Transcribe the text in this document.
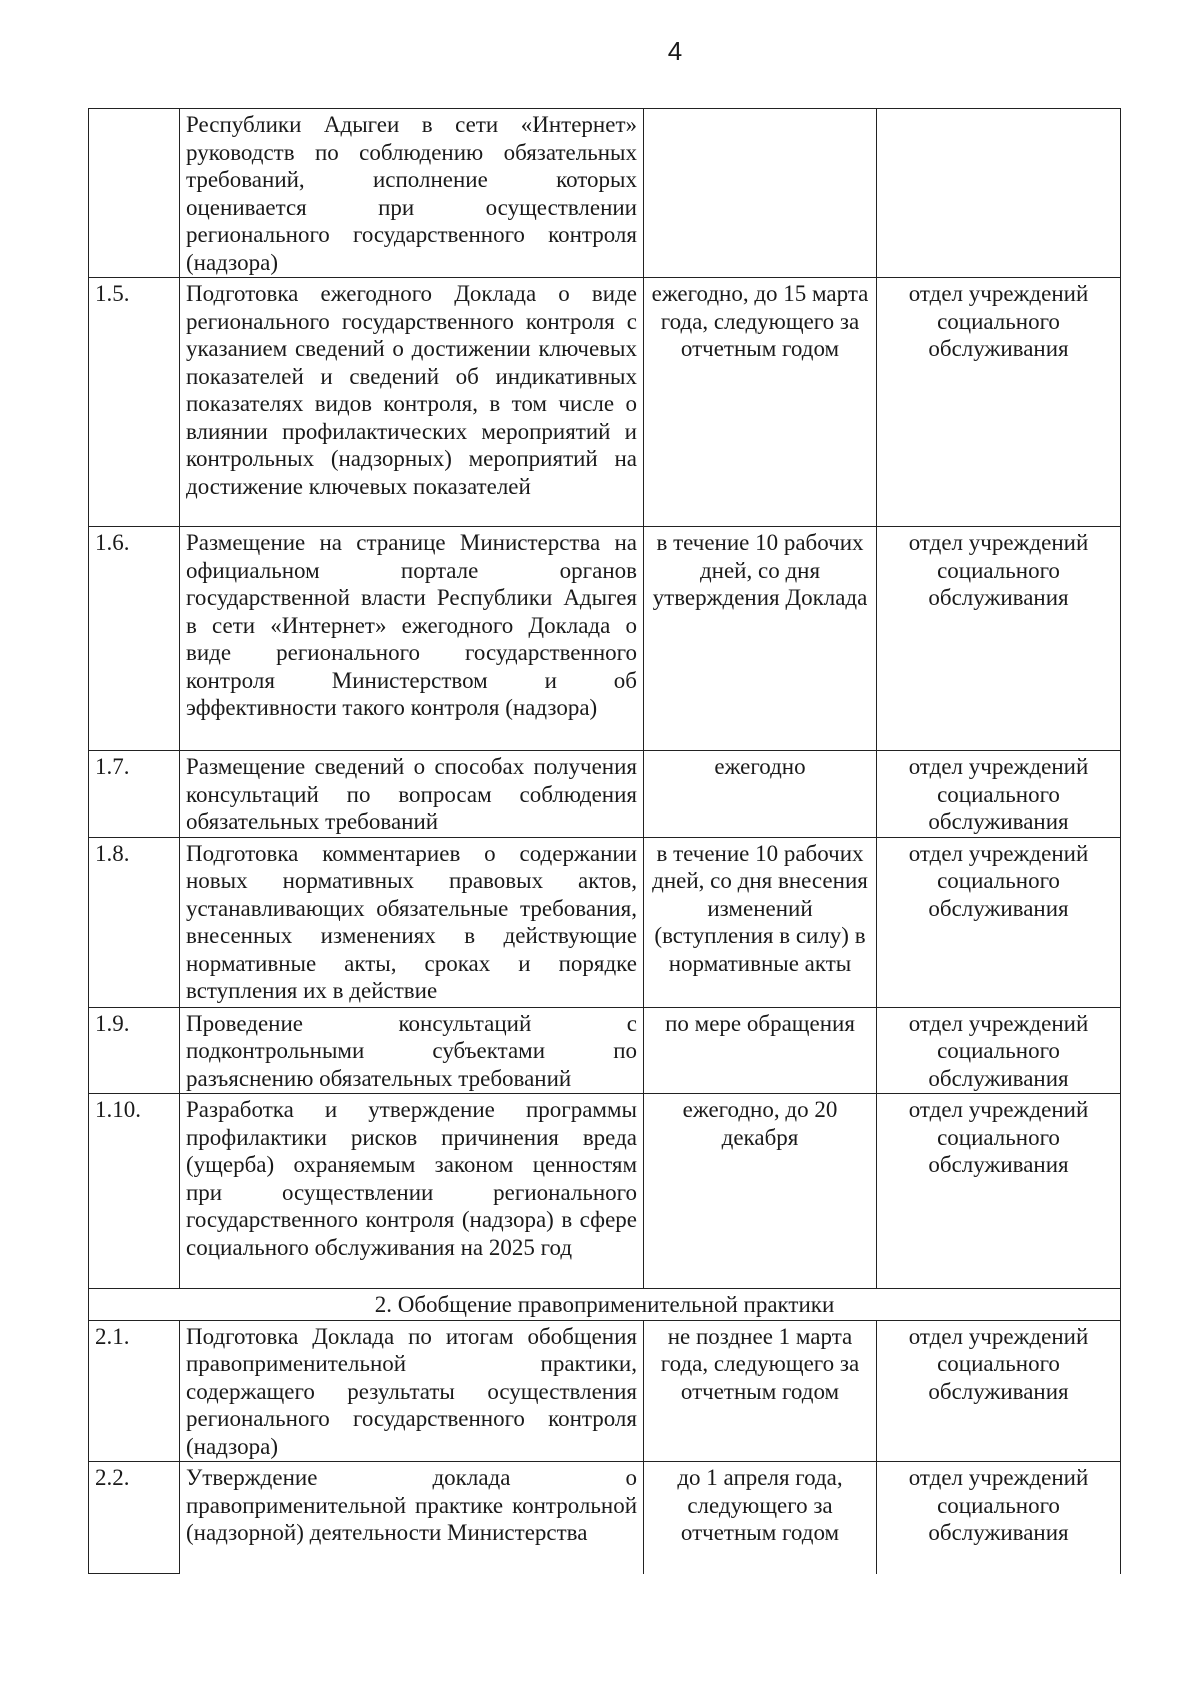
4
	Республики Адыгеи в сети «Интернет» руководств по соблюдению обязательных требований, исполнение которых оценивается при осуществлении регионального государственного контроля (надзора)		
1.5.	Подготовка ежегодного Доклада о виде регионального государственного контроля с указанием сведений о достижении ключевых показателей и сведений об индикативных показателях видов контроля, в том числе о влиянии профилактических мероприятий и контрольных (надзорных) мероприятий на достижение ключевых показателей	ежегодно, до 15 марта года, следующего за отчетным годом	отдел учреждений социального обслуживания
1.6.	Размещение на странице Министерства на официальном портале органов государственной власти Республики Адыгея в сети «Интернет» ежегодного Доклада о виде регионального государственного контроля Министерством и об эффективности такого контроля (надзора)	в течение 10 рабочих дней, со дня утверждения Доклада	отдел учреждений социального обслуживания
1.7.	Размещение сведений о способах получения консультаций по вопросам соблюдения обязательных требований	ежегодно	отдел учреждений социального обслуживания
1.8.	Подготовка комментариев о содержании новых нормативных правовых актов, устанавливающих обязательные требования, внесенных изменениях в действующие нормативные акты, сроках и порядке вступления их в действие	в течение 10 рабочих дней, со дня внесения изменений (вступления в силу) в нормативные акты	отдел учреждений социального обслуживания
1.9.	Проведение консультаций с подконтрольными субъектами по разъяснению обязательных требований	по мере обращения	отдел учреждений социального обслуживания
1.10.	Разработка и утверждение программы профилактики рисков причинения вреда (ущерба) охраняемым законом ценностям при осуществлении регионального государственного контроля (надзора) в сфере социального обслуживания на 2025 год	ежегодно, до 20 декабря	отдел учреждений социального обслуживания
2. Обобщение правоприменительной практики			
2.1.	Подготовка Доклада по итогам обобщения правоприменительной практики, содержащего результаты осуществления регионального государственного контроля (надзора)	не позднее 1 марта года, следующего за отчетным годом	отдел учреждений социального обслуживания
2.2.	Утверждение доклада о правоприменительной практике контрольной (надзорной) деятельности Министерства	до 1 апреля года, следующего за отчетным годом	отдел учреждений социального обслуживания
